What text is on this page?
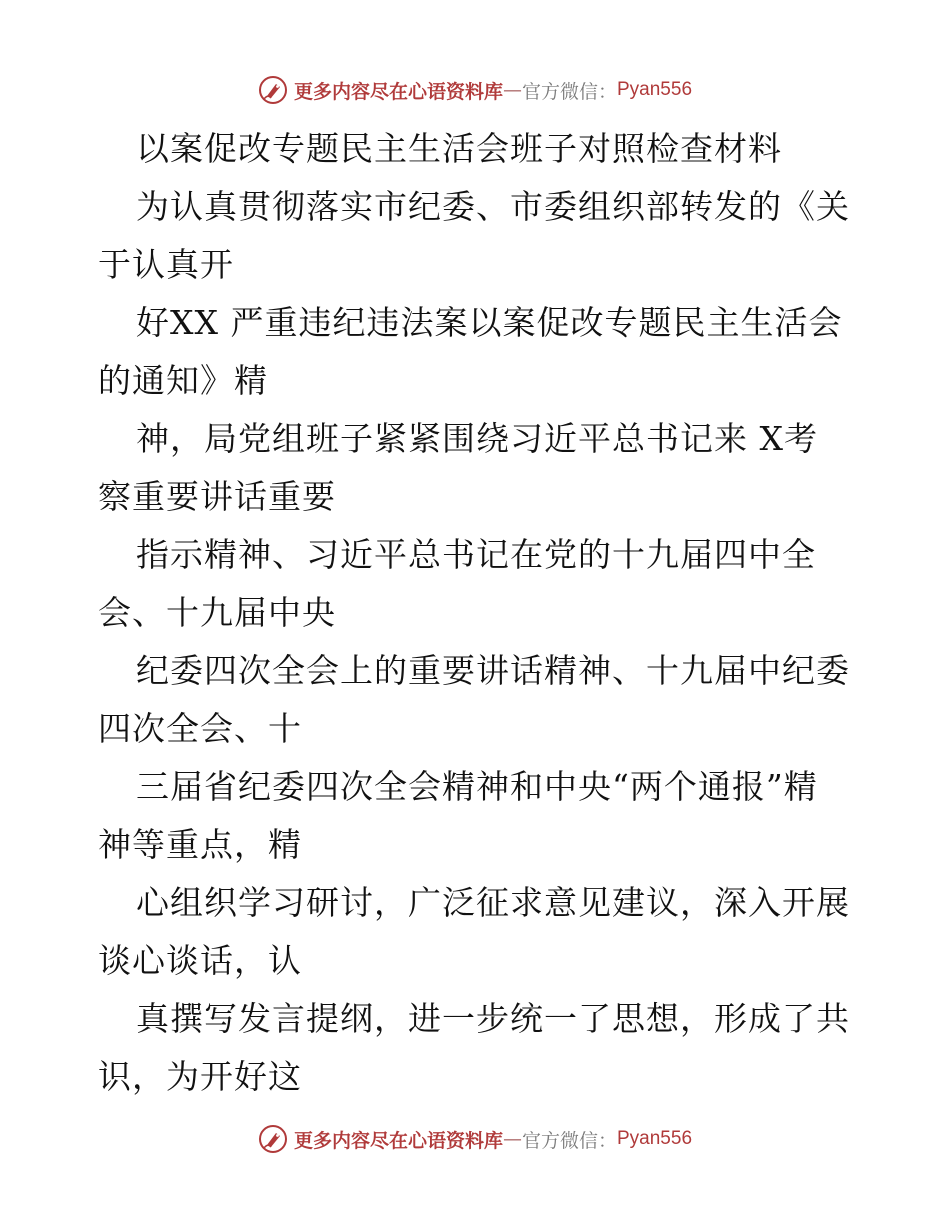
更多内容尽在心语资料库 — 官方微信： Pyan556
以案促改专题民主生活会班子对照检查材料
为认真贯彻落实市纪委、市委组织部转发的《关
于认真开
好XX 严重违纪违法案以案促改专题民主生活会
的通知》精
神，局党组班子紧紧围绕习近平总书记来 X考
察重要讲话重要
指示精神、习近平总书记在党的十九届四中全
会、十九届中央
纪委四次全会上的重要讲话精神、十九届中纪委
四次全会、十
三届省纪委四次全会精神和中央“两个通报”精
神等重点，精
心组织学习研讨，广泛征求意见建议，深入开展
谈心谈话，认
真撰写发言提纲，进一步统一了思想，形成了共
识，为开好这
更多内容尽在心语资料库 — 官方微信： Pyan556
